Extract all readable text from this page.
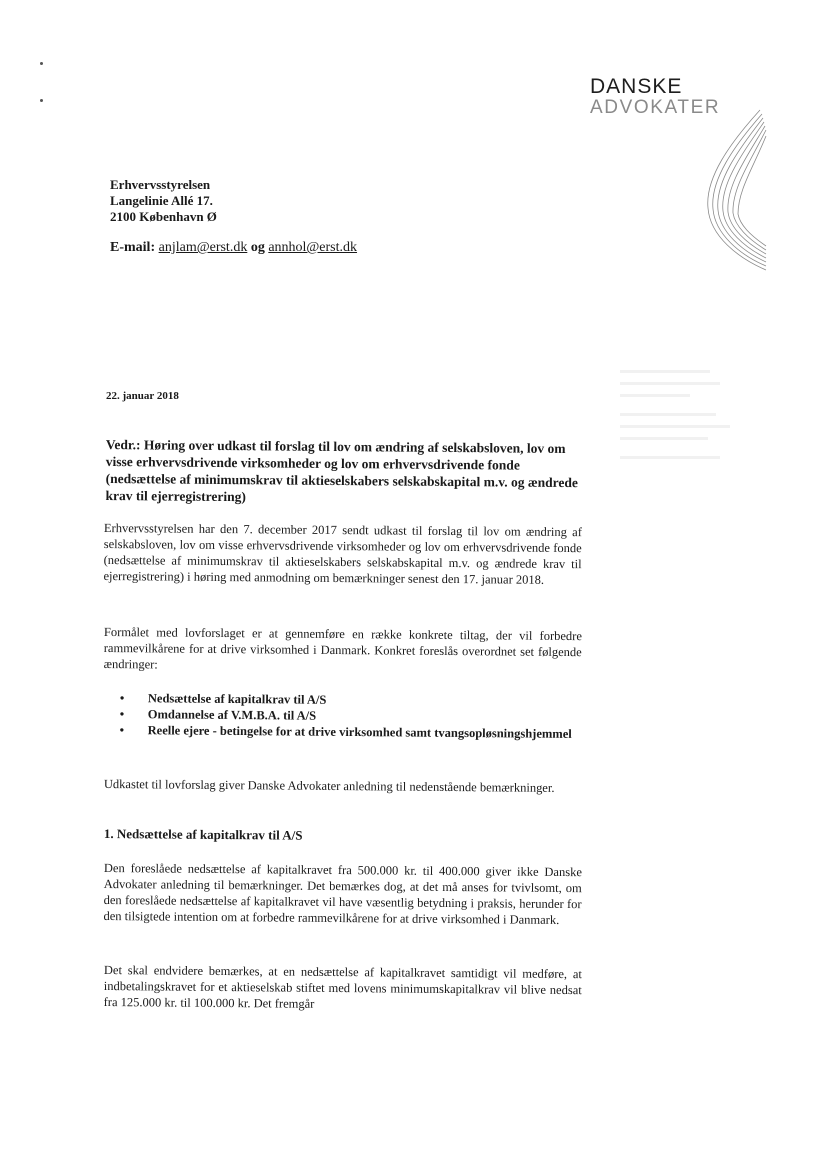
DANSKE
ADVOKATER
Erhvervsstyrelsen
Langelinie Allé 17.
2100 København Ø
E-mail: anjlam@erst.dk og annhol@erst.dk
22. januar 2018
Vedr.: Høring over udkast til forslag til lov om ændring af selskabsloven, lov om visse erhvervsdrivende virksomheder og lov om erhvervsdrivende fonde (nedsættelse af minimumskrav til aktieselskabers selskabskapital m.v. og ændrede krav til ejerregistrering)
Erhvervsstyrelsen har den 7. december 2017 sendt udkast til forslag til lov om ændring af selskabsloven, lov om visse erhvervsdrivende virksomheder og lov om erhvervsdrivende fonde (nedsættelse af minimumskrav til aktieselskabers selskabskapital m.v. og ændrede krav til ejerregistrering) i høring med anmodning om bemærkninger senest den 17. januar 2018.
Formålet med lovforslaget er at gennemføre en række konkrete tiltag, der vil forbedre rammevilkårene for at drive virksomhed i Danmark. Konkret foreslås overordnet set følgende ændringer:
•	Nedsættelse af kapitalkrav til A/S
•	Omdannelse af V.M.B.A. til A/S
•	Reelle ejere - betingelse for at drive virksomhed samt tvangsopløsningshjemmel
Udkastet til lovforslag giver Danske Advokater anledning til nedenstående bemærkninger.
1. Nedsættelse af kapitalkrav til A/S
Den foreslåede nedsættelse af kapitalkravet fra 500.000 kr. til 400.000 giver ikke Danske Advokater anledning til bemærkninger. Det bemærkes dog, at det må anses for tvivlsomt, om den foreslåede nedsættelse af kapitalkravet vil have væsentlig betydning i praksis, herunder for den tilsigtede intention om at forbedre rammevilkårene for at drive virksomhed i Danmark.
Det skal endvidere bemærkes, at en nedsættelse af kapitalkravet samtidigt vil medføre, at indbetalingskravet for et aktieselskab stiftet med lovens minimumskapitalkrav vil blive nedsat fra 125.000 kr. til 100.000 kr. Det fremgår
